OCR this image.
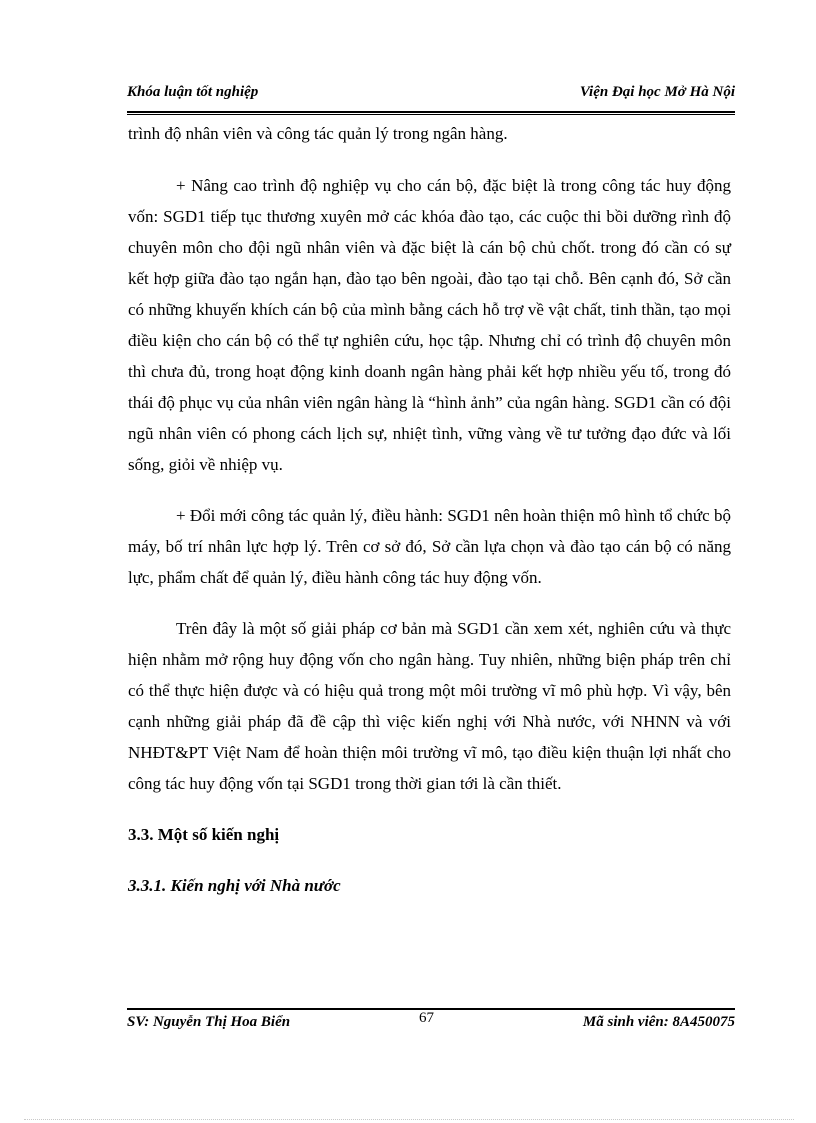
Khóa luận tốt nghiệp	Viện Đại học Mở Hà Nội

trình độ nhân viên và công tác quản lý trong ngân hàng.

+ Nâng cao trình độ nghiệp vụ cho cán bộ, đặc biệt là trong công tác huy động vốn: SGD1 tiếp tục thương xuyên mở các khóa đào tạo, các cuộc thi bồi dưỡng rình độ chuyên môn cho đội ngũ nhân viên và đặc biệt là cán bộ chủ chốt. trong đó cần có sự kết hợp giữa đào tạo ngắn hạn, đào tạo bên ngoài, đào tạo tại chỗ. Bên cạnh đó, Sở cần có những khuyến khích cán bộ của mình bằng cách hỗ trợ về vật chất, tinh thần, tạo mọi điều kiện cho cán bộ có thể tự nghiên cứu, học tập. Nhưng chỉ có trình độ chuyên môn thì chưa đủ, trong hoạt động kinh doanh ngân hàng phải kết hợp nhiều yếu tố, trong đó thái độ phục vụ của nhân viên ngân hàng là “hình ảnh” của ngân hàng. SGD1 cần có đội ngũ nhân viên có phong cách lịch sự, nhiệt tình, vững vàng về tư tưởng đạo đức và lối sống, giỏi về nhiệp vụ.

+ Đổi mới công tác quản lý, điều hành: SGD1 nên hoàn thiện mô hình tổ chức bộ máy, bố trí nhân lực hợp lý. Trên cơ sở đó, Sở cần lựa chọn và đào tạo cán bộ có năng lực, phẩm chất để quản lý, điều hành công tác huy động vốn.

Trên đây là một số giải pháp cơ bản mà SGD1 cần xem xét, nghiên cứu và thực hiện nhằm mở rộng huy động vốn cho ngân hàng. Tuy nhiên, những biện pháp trên chỉ có thể thực hiện được và có hiệu quả trong một môi trường vĩ mô phù hợp. Vì vậy, bên cạnh những giải pháp đã đề cập thì việc kiến nghị với Nhà nước, với NHNN và với NHĐT&PT Việt Nam để hoàn thiện môi trường vĩ mô, tạo điều kiện thuận lợi nhất cho công tác huy động vốn tại SGD1 trong thời gian tới là cần thiết.

3.3. Một số kiến nghị
3.3.1. Kiến nghị với Nhà nước
SV: Nguyễn Thị Hoa Biển	67	Mã sinh viên: 8A450075
